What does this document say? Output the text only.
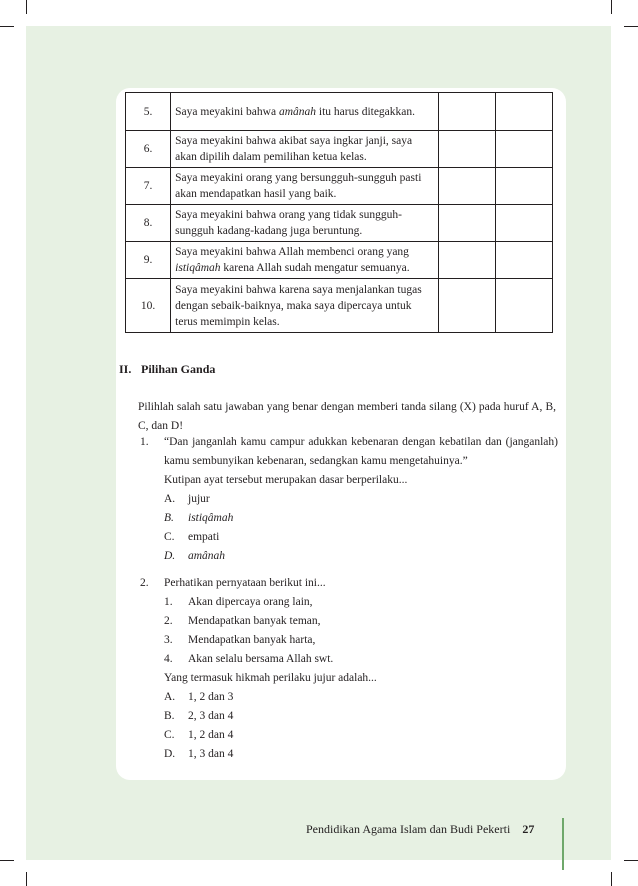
5.	Saya meyakini bahwa amânah itu harus ditegakkan.		
6.	Saya meyakini bahwa akibat saya ingkar janji, saya akan dipilih dalam pemilihan ketua kelas.		
7.	Saya meyakini orang yang bersungguh-sungguh pasti akan mendapatkan hasil yang baik.		
8.	Saya meyakini bahwa orang yang tidak sungguh-sungguh kadang-kadang juga beruntung.		
9.	Saya meyakini bahwa Allah membenci orang yang istiqâmah karena Allah sudah mengatur semuanya.		
10.	Saya meyakini bahwa karena saya menjalankan tugas dengan sebaik-baiknya, maka saya dipercaya untuk terus memimpin kelas.		
II. Pilihan Ganda
Pilihlah salah satu jawaban yang benar dengan memberi tanda silang (X) pada huruf A, B, C, dan D!
1. “Dan janganlah kamu campur adukkan kebenaran dengan kebatilan dan (janganlah) kamu sembunyikan kebenaran, sedangkan kamu mengetahuinya.”
Kutipan ayat tersebut merupakan dasar berperilaku...
A. jujur
B. istiqâmah
C. empati
D. amânah
2. Perhatikan pernyataan berikut ini...
1. Akan dipercaya orang lain,
2. Mendapatkan banyak teman,
3. Mendapatkan banyak harta,
4. Akan selalu bersama Allah swt.
Yang termasuk hikmah perilaku jujur adalah...
A. 1, 2 dan 3
B. 2, 3 dan 4
C. 1, 2 dan 4
D. 1, 3 dan 4
Pendidikan Agama Islam dan Budi Pekerti 27
